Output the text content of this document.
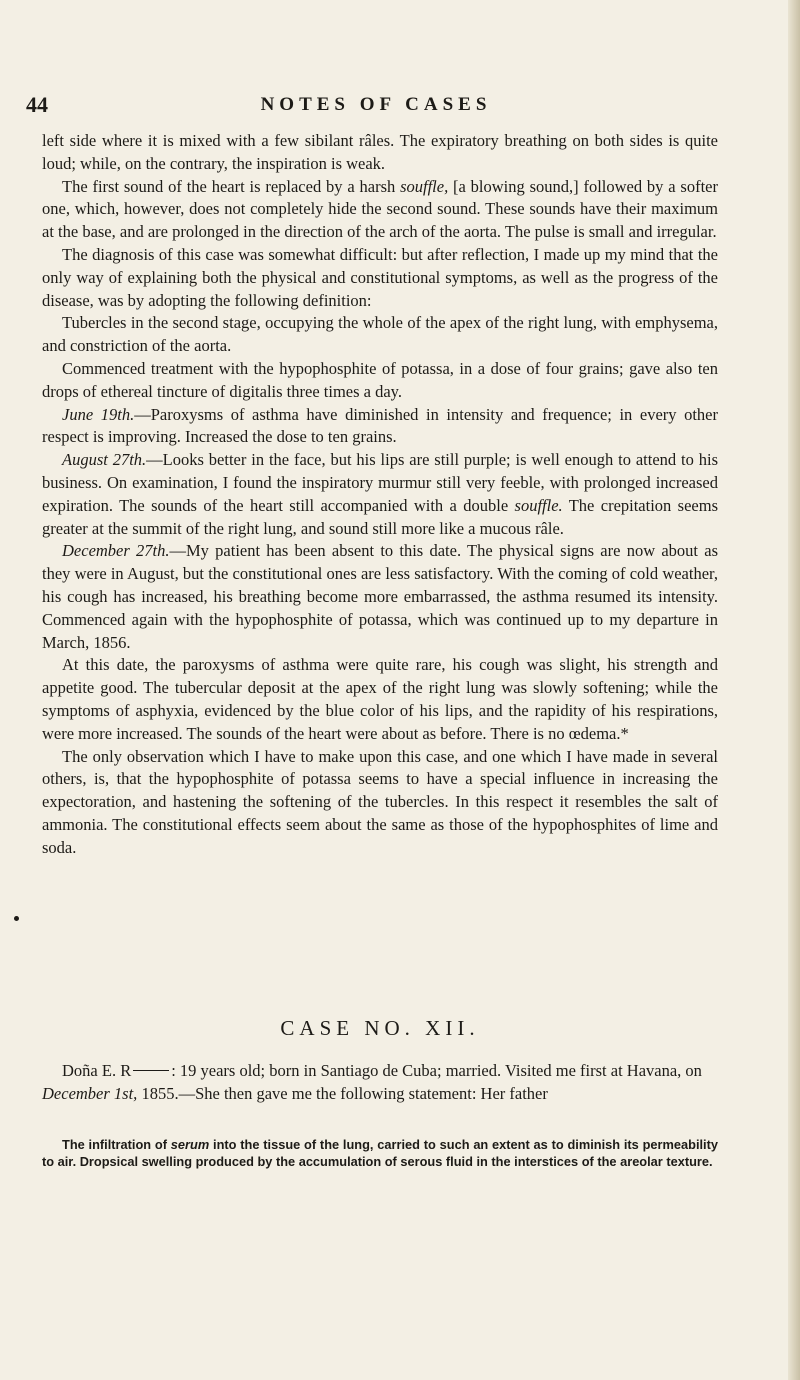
44	NOTES OF CASES

left side where it is mixed with a few sibilant râles. The expiratory breathing on both sides is quite loud; while, on the contrary, the inspiration is weak.

The first sound of the heart is replaced by a harsh souffle, [a blowing sound,] followed by a softer one, which, however, does not completely hide the second sound. These sounds have their maximum at the base, and are prolonged in the direction of the arch of the aorta. The pulse is small and irregular.

The diagnosis of this case was somewhat difficult: but after reflection, I made up my mind that the only way of explaining both the physical and constitutional symptoms, as well as the progress of the disease, was by adopting the following definition:

Tubercles in the second stage, occupying the whole of the apex of the right lung, with emphysema, and constriction of the aorta.

Commenced treatment with the hypophosphite of potassa, in a dose of four grains; gave also ten drops of ethereal tincture of digitalis three times a day.

June 19th.—Paroxysms of asthma have diminished in intensity and frequence; in every other respect is improving. Increased the dose to ten grains.

August 27th.—Looks better in the face, but his lips are still purple; is well enough to attend to his business. On examination, I found the inspiratory murmur still very feeble, with prolonged increased expiration. The sounds of the heart still accompanied with a double souffle. The crepitation seems greater at the summit of the right lung, and sound still more like a mucous râle.

December 27th.—My patient has been absent to this date. The physical signs are now about as they were in August, but the constitutional ones are less satisfactory. With the coming of cold weather, his cough has increased, his breathing become more embarrassed, the asthma resumed its intensity. Commenced again with the hypophosphite of potassa, which was continued up to my departure in March, 1856.

At this date, the paroxysms of asthma were quite rare, his cough was slight, his strength and appetite good. The tubercular deposit at the apex of the right lung was slowly softening; while the symptoms of asphyxia, evidenced by the blue color of his lips, and the rapidity of his respirations, were more increased. The sounds of the heart were about as before. There is no œdema.*

The only observation which I have to make upon this case, and one which I have made in several others, is, that the hypophosphite of potassa seems to have a special influence in increasing the expectoration, and hastening the softening of the tubercles. In this respect it resembles the salt of ammonia. The constitutional effects seem about the same as those of the hypophosphites of lime and soda.

CASE NO. XII.

Doña E. R : 19 years old; born in Santiago de Cuba; married. Visited me first at Havana, on
December 1st, 1855.—She then gave me the following statement: Her father

The infiltration of serum into the tissue of the lung, carried to such an extent as to diminish its permeability to air. Dropsical swelling produced by the accumulation of serous fluid in the interstices of the areolar texture.
